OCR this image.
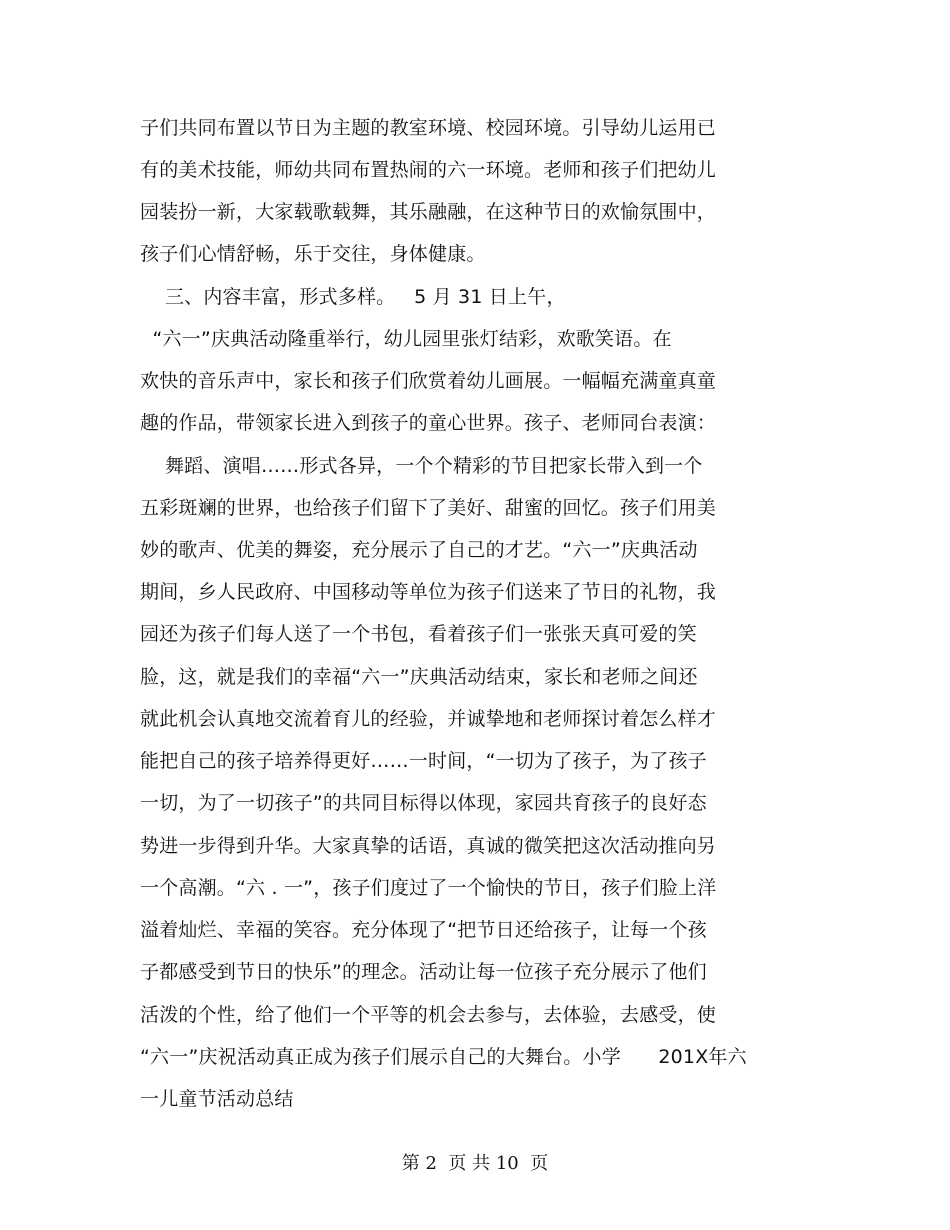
子们共同布置以节日为主题的教室环境、校园环境。引导幼儿运用已
有的美术技能，师幼共同布置热闹的六一环境。老师和孩子们把幼儿
园装扮一新，大家载歌载舞，其乐融融，在这种节日的欢愉氛围中，
孩子们心情舒畅，乐于交往，身体健康。
三、内容丰富，形式多样。   5 月 31 日上午，
“六一”庆典活动隆重举行，幼儿园里张灯结彩，欢歌笑语。在
欢快的音乐声中，家长和孩子们欣赏着幼儿画展。一幅幅充满童真童
趣的作品，带领家长进入到孩子的童心世界。孩子、老师同台表演：
舞蹈、演唱……形式各异，一个个精彩的节目把家长带入到一个
五彩斑斓的世界，也给孩子们留下了美好、甜蜜的回忆。孩子们用美
妙的歌声、优美的舞姿，充分展示了自己的才艺。“六一”庆典活动
期间，乡人民政府、中国移动等单位为孩子们送来了节日的礼物，我
园还为孩子们每人送了一个书包，看着孩子们一张张天真可爱的笑
脸，这，就是我们的幸福“六一”庆典活动结束，家长和老师之间还
就此机会认真地交流着育儿的经验，并诚挚地和老师探讨着怎么样才
能把自己的孩子培养得更好……一时间，“一切为了孩子，为了孩子
一切，为了一切孩子”的共同目标得以体现，家园共育孩子的良好态
势进一步得到升华。大家真挚的话语，真诚的微笑把这次活动推向另
一个高潮。“六 . 一”，孩子们度过了一个愉快的节日，孩子们脸上洋
溢着灿烂、幸福的笑容。充分体现了“把节日还给孩子，让每一个孩
子都感受到节日的快乐”的理念。活动让每一位孩子充分展示了他们
活泼的个性，给了他们一个平等的机会去参与，去体验，去感受，使
“六一”庆祝活动真正成为孩子们展示自己的大舞台。小学      201X年六
一儿童节活动总结
第 2  页 共 10  页
